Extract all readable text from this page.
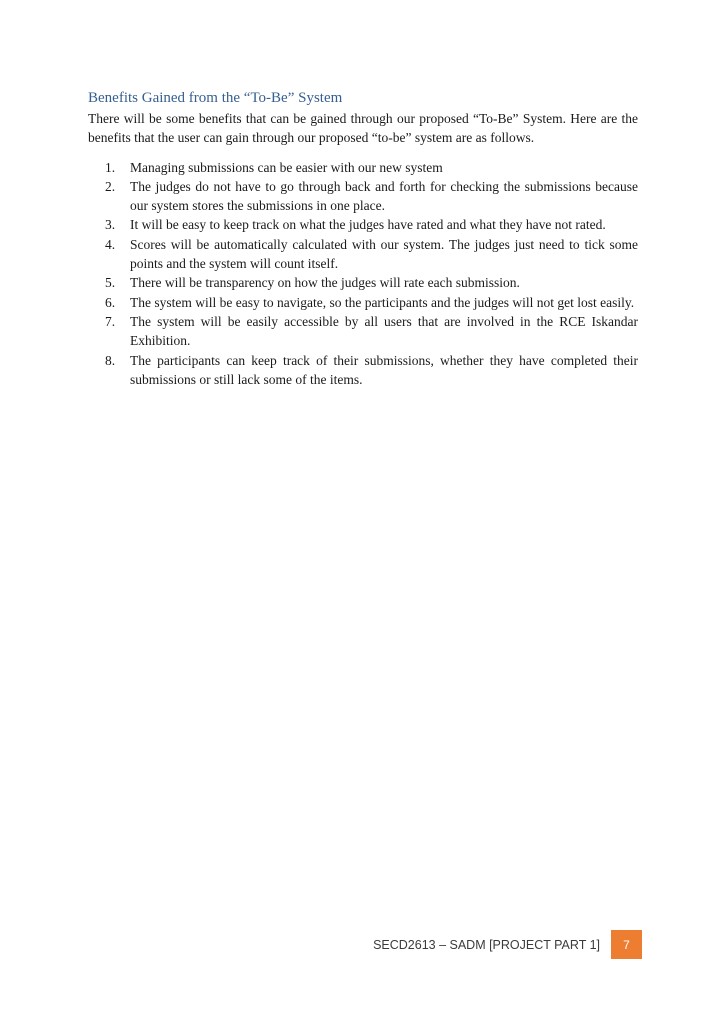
Benefits Gained from the “To-Be” System

There will be some benefits that can be gained through our proposed “To-Be” System. Here are the benefits that the user can gain through our proposed “to-be” system are as follows.

1.	Managing submissions can be easier with our new system
2.	The judges do not have to go through back and forth for checking the submissions because our system stores the submissions in one place.
3.	It will be easy to keep track on what the judges have rated and what they have not rated.
4.	Scores will be automatically calculated with our system. The judges just need to tick some points and the system will count itself.
5.	There will be transparency on how the judges will rate each submission.
6.	The system will be easy to navigate, so the participants and the judges will not get lost easily.
7.	The system will be easily accessible by all users that are involved in the RCE Iskandar Exhibition.
8.	The participants can keep track of their submissions, whether they have completed their submissions or still lack some of the items.
SECD2613 – SADM [PROJECT PART 1]	7
